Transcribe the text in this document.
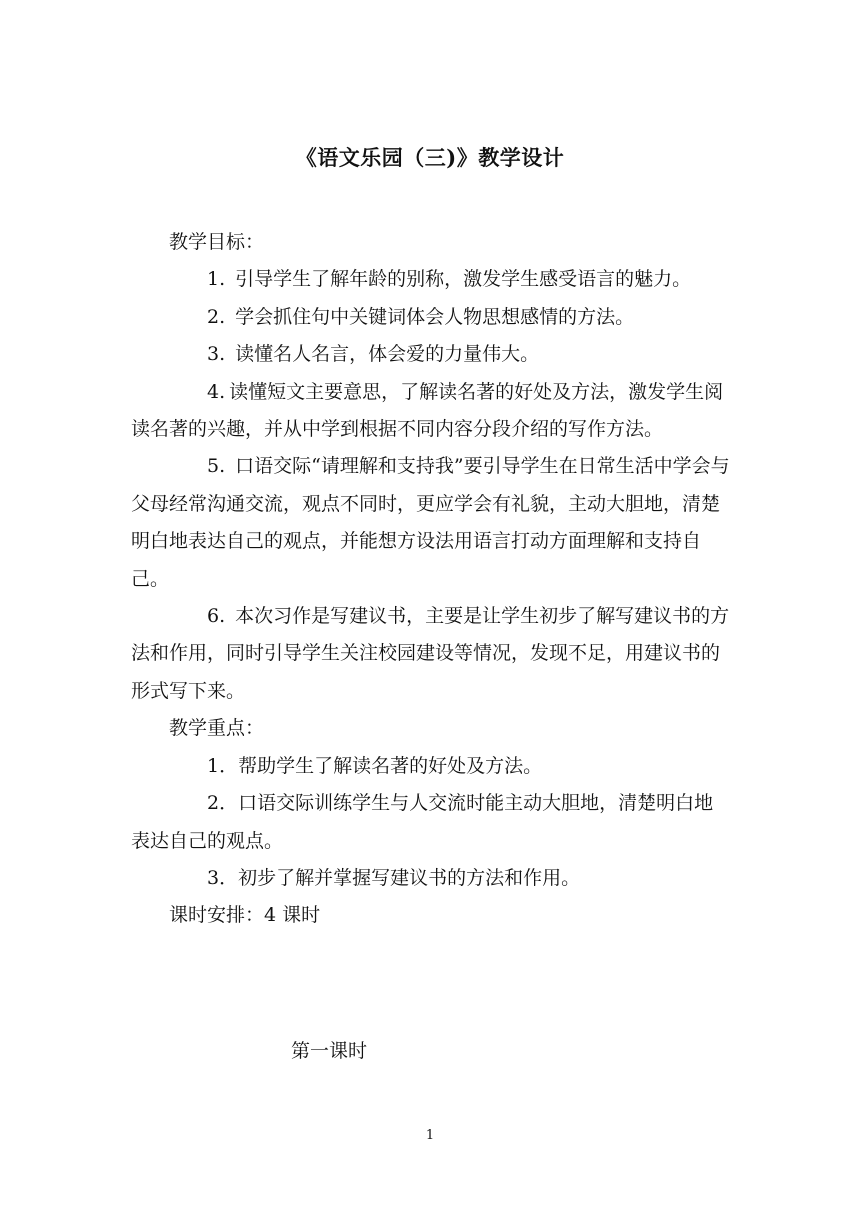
《语文乐园（三)》教学设计

教学目标：

1. 引导学生了解年龄的别称，激发学生感受语言的魅力。

2. 学会抓住句中关键词体会人物思想感情的方法。

3. 读懂名人名言，体会爱的力量伟大。

4. 读懂短文主要意思，了解读名著的好处及方法，激发学生阅读名著的兴趣，并从中学到根据不同内容分段介绍的写作方法。

5. 口语交际“请理解和支持我”要引导学生在日常生活中学会与父母经常沟通交流，观点不同时，更应学会有礼貌，主动大胆地，清楚明白地表达自己的观点，并能想方设法用语言打动方面理解和支持自己。

6. 本次习作是写建议书，主要是让学生初步了解写建议书的方法和作用，同时引导学生关注校园建设等情况，发现不足，用建议书的形式写下来。

教学重点：

1．帮助学生了解读名著的好处及方法。

2．口语交际训练学生与人交流时能主动大胆地，清楚明白地表达自己的观点。

3．初步了解并掌握写建议书的方法和作用。

课时安排：4 课时

第一课时
1
